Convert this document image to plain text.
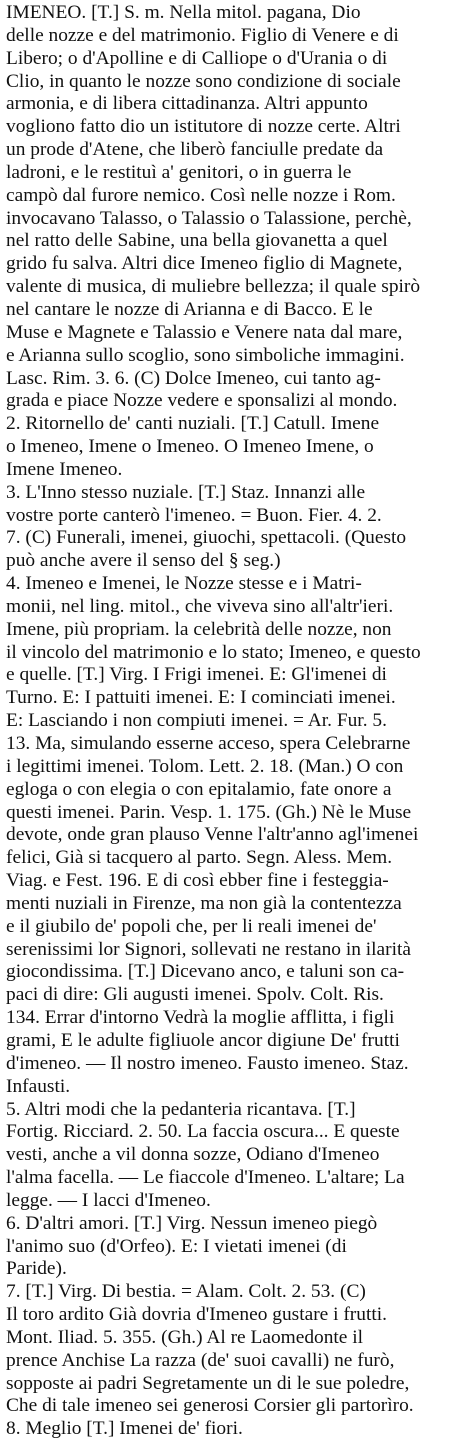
IMENEO. [T.] S. m. Nella mitol. pagana, Dio
delle nozze e del matrimonio. Figlio di Venere e di
Libero; o d'Apolline e di Calliope o d'Urania o di
Clio, in quanto le nozze sono condizione di sociale
armonia, e di libera cittadinanza. Altri appunto
vogliono fatto dio un istitutore di nozze certe. Altri
un prode d'Atene, che liberò fanciulle predate da
ladroni, e le restituì a' genitori, o in guerra le
campò dal furore nemico. Così nelle nozze i Rom.
invocavano Talasso, o Talassio o Talassione, perchè,
nel ratto delle Sabine, una bella giovanetta a quel
grido fu salva. Altri dice Imeneo figlio di Magnete,
valente di musica, di muliebre bellezza; il quale spirò
nel cantare le nozze di Arianna e di Bacco. E le
Muse e Magnete e Talassio e Venere nata dal mare,
e Arianna sullo scoglio, sono simboliche immagini.
Lasc. Rim. 3. 6. (C) Dolce Imeneo, cui tanto ag-
grada e piace Nozze vedere e sponsalizi al mondo.
2. Ritornello de' canti nuziali. [T.] Catull. Imene
o Imeneo, Imene o Imeneo. O Imeneo Imene, o
Imene Imeneo.
3. L'Inno stesso nuziale. [T.] Staz. Innanzi alle
vostre porte canterò l'imeneo. = Buon. Fier. 4. 2.
7. (C) Funerali, imenei, giuochi, spettacoli. (Questo
può anche avere il senso del § seg.)
4. Imeneo e Imenei, le Nozze stesse e i Matri-
monii, nel ling. mitol., che viveva sino all'altr'ieri.
Imene, più propriam. la celebrità delle nozze, non
il vincolo del matrimonio e lo stato; Imeneo, e questo
e quelle. [T.] Virg. I Frigi imenei. E: Gl'imenei di
Turno. E: I pattuiti imenei. E: I cominciati imenei.
E: Lasciando i non compiuti imenei. = Ar. Fur. 5.
13. Ma, simulando esserne acceso, spera Celebrarne
i legittimi imenei. Tolom. Lett. 2. 18. (Man.) O con
egloga o con elegia o con epitalamio, fate onore a
questi imenei. Parin. Vesp. 1. 175. (Gh.) Nè le Muse
devote, onde gran plauso Venne l'altr'anno agl'imenei
felici, Già si tacquero al parto. Segn. Aless. Mem.
Viag. e Fest. 196. E di così ebber fine i festeggia-
menti nuziali in Firenze, ma non già la contentezza
e il giubilo de' popoli che, per li reali imenei de'
serenissimi lor Signori, sollevati ne restano in ilarità
giocondissima. [T.] Dicevano anco, e taluni son ca-
paci di dire: Gli augusti imenei. Spolv. Colt. Ris.
134. Errar d'intorno Vedrà la moglie afflitta, i figli
grami, E le adulte figliuole ancor digiune De' frutti
d'imeneo. — Il nostro imeneo. Fausto imeneo. Staz.
Infausti.
5. Altri modi che la pedanteria ricantava. [T.]
Fortig. Ricciard. 2. 50. La faccia oscura... E queste
vesti, anche a vil donna sozze, Odiano d'Imeneo
l'alma facella. — Le fiaccole d'Imeneo. L'altare; La
legge. — I lacci d'Imeneo.
6. D'altri amori. [T.] Virg. Nessun imeneo piegò
l'animo suo (d'Orfeo). E: I vietati imenei (di
Paride).
7. [T.] Virg. Di bestia. = Alam. Colt. 2. 53. (C)
Il toro ardito Già dovria d'Imeneo gustare i frutti.
Mont. Iliad. 5. 355. (Gh.) Al re Laomedonte il
prence Anchise La razza (de' suoi cavalli) ne furò,
sopposte ai padri Segretamente un di le sue poledre,
Che di tale imeneo sei generosi Corsier gli partorìro.
8. Meglio [T.] Imenei de' fiori.
